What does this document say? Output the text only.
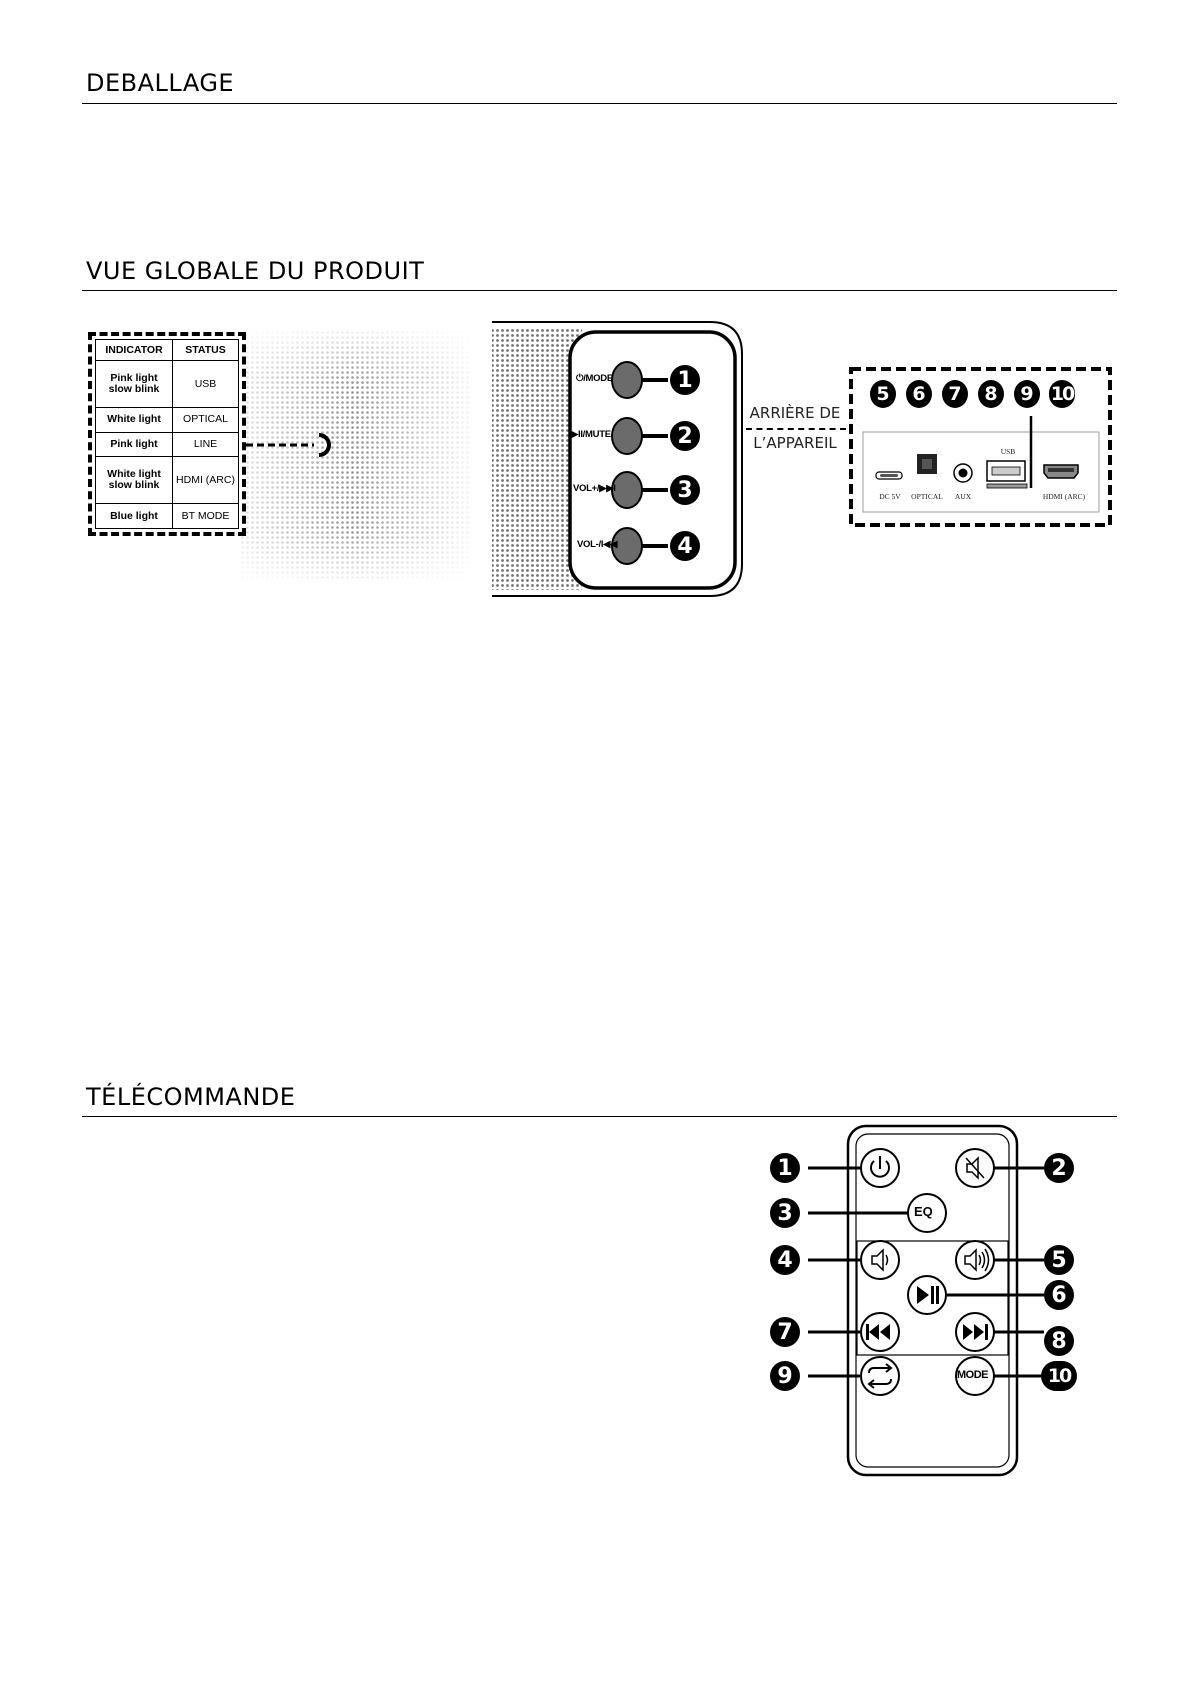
DEBALLAGE
VUE GLOBALE DU PRODUIT
TÉLÉCOMMANDE
INDICATOR	STATUS
Pink light slow blink	USB
White light	OPTICAL
Pink light	LINE
White light slow blink	HDMI (ARC)
Blue light	BT MODE
⏻/MODE
▶II/MUTE
VOL+/▶▶I
VOL-/I◀◀
1
2
3
4
ARRIÈRE DE
L’APPAREIL
5	6	7	8	9 10
DC 5V	OPTICAL	AUX
USB
HDMI (ARC)
EQ
MODE
1	2
3
4	5
6
7	8
9	10
